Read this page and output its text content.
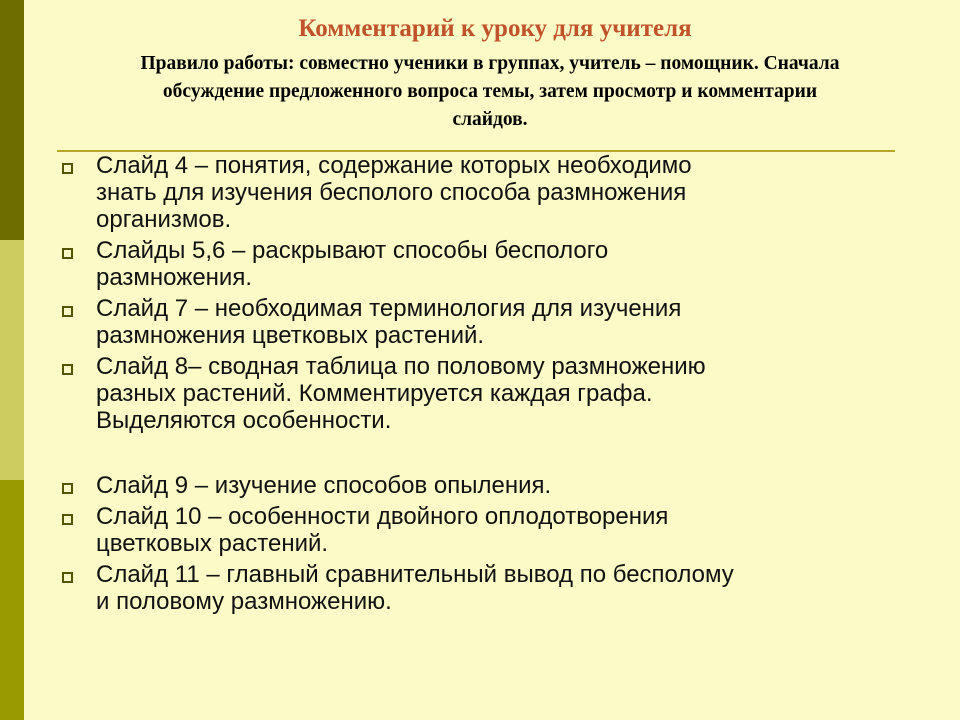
Комментарий к уроку для учителя

Правило работы: совместно ученики в группах, учитель – помощник. Сначала
обсуждение предложенного вопроса темы, затем просмотр и комментарии
слайдов.

Слайд 4 – понятия, содержание которых необходимо
знать для изучения бесполого способа размножения
организмов.
Слайды 5,6 – раскрывают способы бесполого
размножения.
Слайд 7 – необходимая терминология для изучения
размножения цветковых растений.
Слайд 8– сводная таблица по половому размножению
разных растений. Комментируется каждая графа.
Выделяются особенности.
Слайд 9 – изучение способов опыления.
Слайд 10 – особенности двойного оплодотворения
цветковых растений.
Слайд 11 – главный сравнительный вывод по бесполому
и половому размножению.
